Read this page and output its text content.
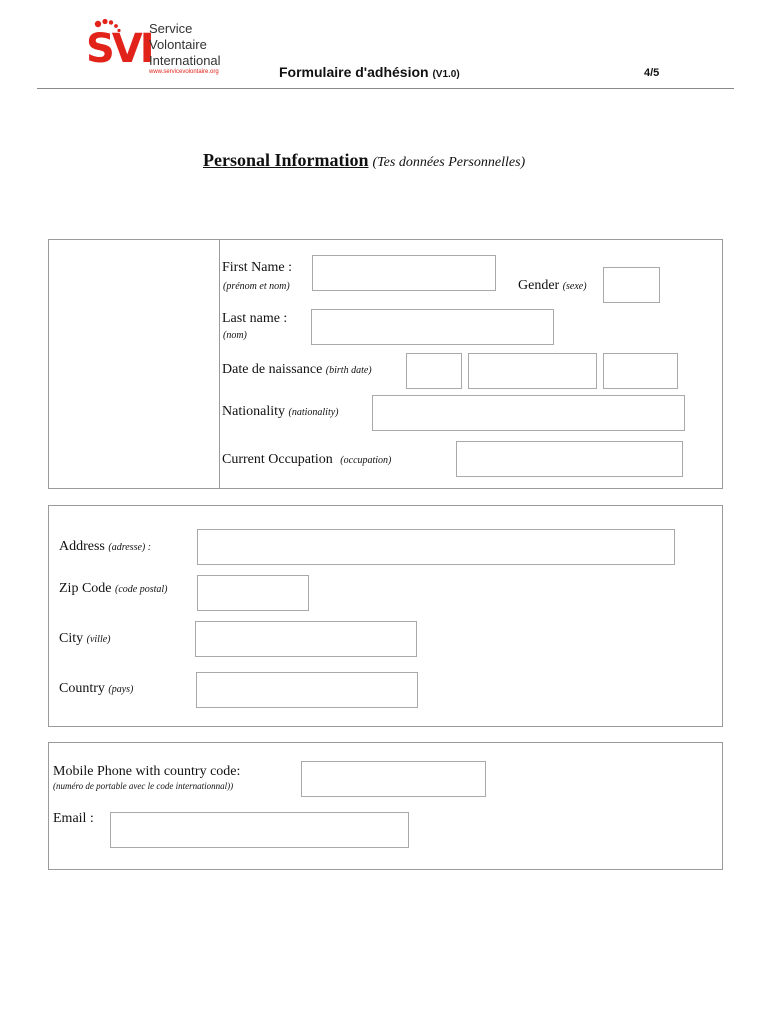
SVI
Service
Volontaire
International
www.servicevolontaire.org	Formulaire d'adhésion (V1.0)	4/5
Personal Information (Tes données Personnelles)
First Name :
(prénom et nom)	Gender (sexe)
Last name :
(nom)
Date de naissance (birth date)
Nationality (nationality)
Current Occupation (occupation)
Address (adresse) :
Zip Code (code postal)
City (ville)
Country (pays)
Mobile Phone with country code:
(numéro de portable avec le code internationnal))
Email :
